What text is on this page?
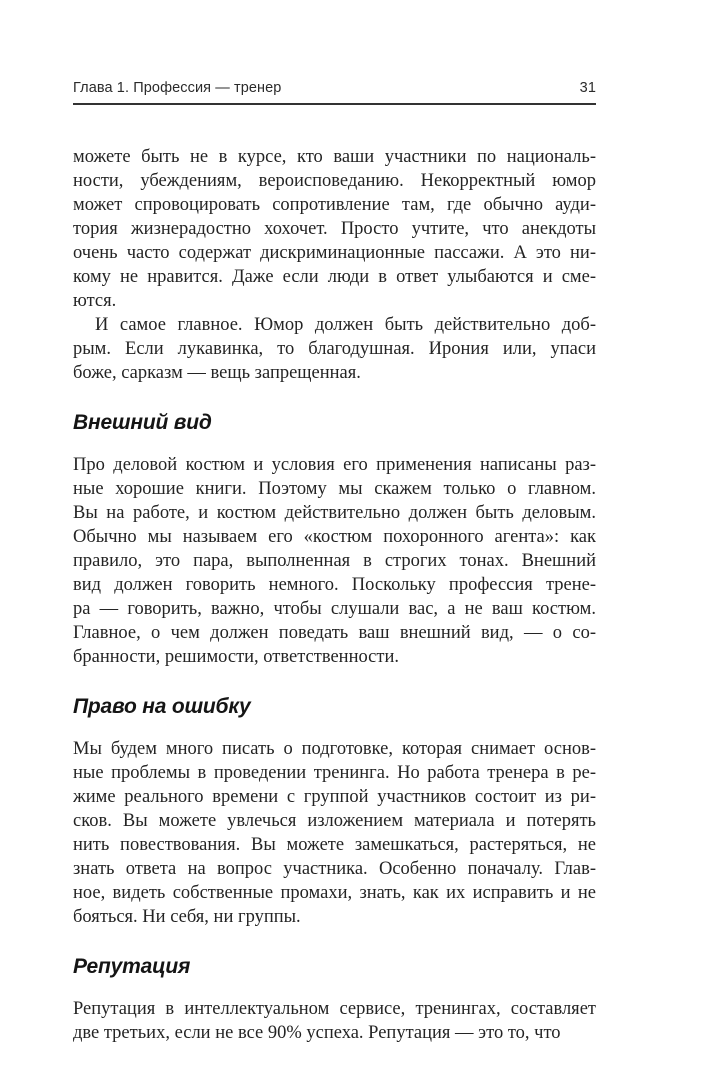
Глава 1. Профессия — тренер	31
можете быть не в курсе, кто ваши участники по националь-
ности, убеждениям, вероисповеданию. Некорректный юмор
может спровоцировать сопротивление там, где обычно ауди-
тория жизнерадостно хохочет. Просто учтите, что анекдоты
очень часто содержат дискриминационные пассажи. А это ни-
кому не нравится. Даже если люди в ответ улыбаются и сме-
ются.
И самое главное. Юмор должен быть действительно доб-
рым. Если лукавинка, то благодушная. Ирония или, упаси
боже, сарказм — вещь запрещенная.
Внешний вид
Про деловой костюм и условия его применения написаны раз-
ные хорошие книги. Поэтому мы скажем только о главном.
Вы на работе, и костюм действительно должен быть деловым.
Обычно мы называем его «костюм похоронного агента»: как
правило, это пара, выполненная в строгих тонах. Внешний
вид должен говорить немного. Поскольку профессия трене-
ра — говорить, важно, чтобы слушали вас, а не ваш костюм.
Главное, о чем должен поведать ваш внешний вид, — о со-
бранности, решимости, ответственности.
Право на ошибку
Мы будем много писать о подготовке, которая снимает основ-
ные проблемы в проведении тренинга. Но работа тренера в ре-
жиме реального времени с группой участников состоит из ри-
сков. Вы можете увлечься изложением материала и потерять
нить повествования. Вы можете замешкаться, растеряться, не
знать ответа на вопрос участника. Особенно поначалу. Глав-
ное, видеть собственные промахи, знать, как их исправить и не
бояться. Ни себя, ни группы.
Репутация
Репутация в интеллектуальном сервисе, тренингах, составляет
две третьих, если не все 90% успеха. Репутация — это то, что
